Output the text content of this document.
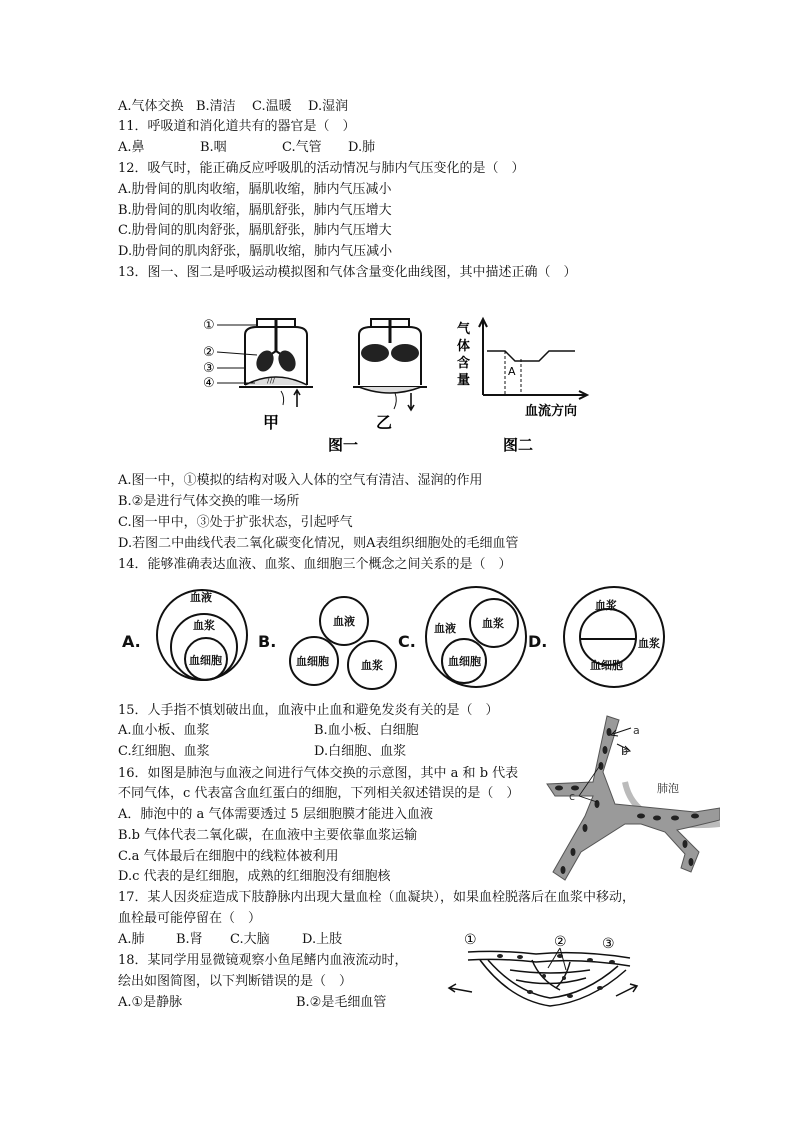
A.气体交换 B.清洁 C.温暖 D.湿润
11．呼吸道和消化道共有的器官是（　）
A.鼻	B.咽	C.气管 D.肺
12．吸气时，能正确反应呼吸肌的活动情况与肺内气压变化的是（　）
A.肋骨间的肌肉收缩，膈肌收缩，肺内气压减小
B.肋骨间的肌肉收缩，膈肌舒张，肺内气压增大
C.肋骨间的肌肉舒张，膈肌舒张，肺内气压增大
D.肋骨间的肌肉舒张，膈肌收缩，肺内气压减小
13．图一、图二是呼吸运动模拟图和气体含量变化曲线图，其中描述正确（　）
///
①
②
③
④
甲	乙
图一
A
气
体
含
量
血流方向
图二
A.图一中，①模拟的结构对吸入人体的空气有清洁、湿润的作用
B.②是进行气体交换的唯一场所
C.图一甲中，③处于扩张状态，引起呼气
D.若图二中曲线代表二氧化碳变化情况，则A表组织细胞处的毛细血管
14．能够准确表达血液、血浆、血细胞三个概念之间关系的是（　）
A.
血液
血浆
血细胞
B.
血液
血细胞	血浆
C.
血液 血浆
血细胞
D.
血浆
血浆
血细胞
15．人手指不慎划破出血，血液中止血和避免发炎有关的是（　）
A.血小板、血浆	B.血小板、白细胞
C.红细胞、血浆	D.白细胞、血浆
16．如图是肺泡与血液之间进行气体交换的示意图，其中 a 和 b 代表
不同气体，c 代表富含血红蛋白的细胞，下列相关叙述错误的是（　）
A．肺泡中的 a 气体需要透过 5 层细胞膜才能进入血液
B.b 气体代表二氧化碳，在血液中主要依靠血浆运输
C.a 气体最后在细胞中的线粒体被利用
D.c 代表的是红细胞，成熟的红细胞没有细胞核
a
b
c
肺泡
17．某人因炎症造成下肢静脉内出现大量血栓（血凝块），如果血栓脱落后在血浆中移动，
血栓最可能停留在（　）
A.肺 B.肾 C.大脑 D.上肢
18．某同学用显微镜观察小鱼尾鳍内血液流动时，
绘出如图简图，以下判断错误的是（　）
A.①是静脉	B.②是毛细血管
①	②	③
